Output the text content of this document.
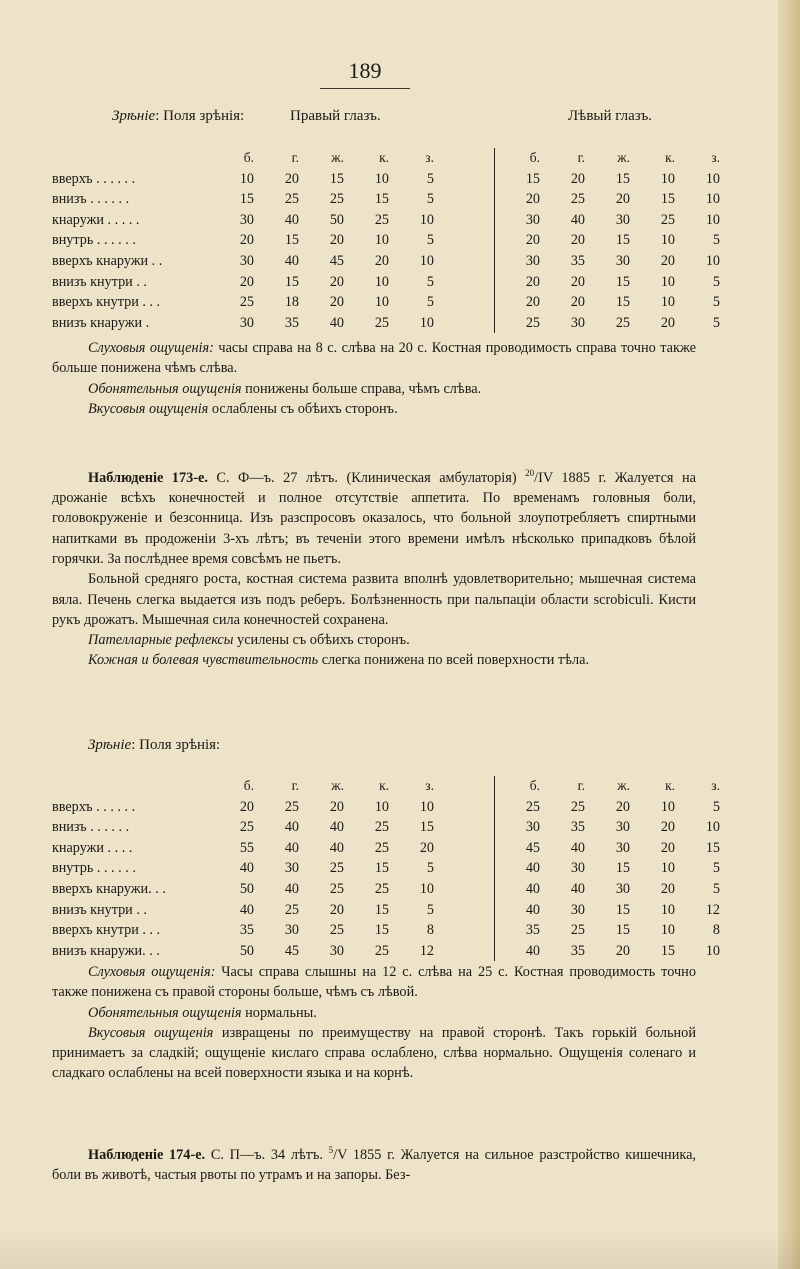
189
Зрѣніе: Поля зрѣнія:	Правый глазъ.	Лѣвый глазъ.
	б.	г.	ж.	к.	з.			б.	г.	ж.	к.	з.
вверхъ . . . . . .	10	20	15	10	5			15	20	15	10	10
внизъ . . . . . .	15	25	25	15	5			20	25	20	15	10
кнаружи . . . . .	30	40	50	25	10			30	40	30	25	10
внутрь . . . . . .	20	15	20	10	5			20	20	15	10	5
вверхъ кнаружи . .	30	40	45	20	10			30	35	30	20	10
внизъ кнутри . .	20	15	20	10	5			20	20	15	10	5
вверхъ кнутри . . .	25	18	20	10	5			20	20	15	10	5
внизъ кнаружи .	30	35	40	25	10			25	30	25	20	5

Слуховыя ощущенія: часы справа на 8 с. слѣва на 20 с. Костная проводимость справа точно также больше понижена чѣмъ слѣва.

Обонятельныя ощущенія понижены больше справа, чѣмъ слѣва.

Вкусовыя ощущенія ослаблены съ обѣихъ сторонъ.

Наблюденіе 173-е. С. Ф—ъ. 27 лѣтъ. (Клиническая амбулаторія) $^{20}$/IV 1885 г. Жалуется на дрожаніе всѣхъ конечностей и полное отсутствіе аппетита. По временамъ головныя боли, головокруженіе и безсонница. Изъ разспросовъ оказалось, что больной злоупотребляетъ спиртными напитками въ продоженіи 3-хъ лѣтъ; въ теченіи этого времени имѣлъ нѣсколько припадковъ бѣлой горячки. За послѣднее время совсѣмъ не пьетъ.

Больной средняго роста, костная система развита вполнѣ удовлетворительно; мышечная система вяла. Печень слегка выдается изъ подъ реберъ. Болѣзненность при пальпаціи области scrobiculi. Кисти рукъ дрожатъ. Мышечная сила конечностей сохранена.

Пателларные рефлексы усилены съ обѣихъ сторонъ.

Кожная и болевая чувствительность слегка понижена по всей поверхности тѣла.

Зрѣніе: Поля зрѣнія:
	б.	г.	ж.	к.	з.			б.	г.	ж.	к.	з.
вверхъ . . . . . .	20	25	20	10	10			25	25	20	10	5
внизъ . . . . . .	25	40	40	25	15			30	35	30	20	10
кнаружи . . . .	55	40	40	25	20			45	40	30	20	15
внутрь . . . . . .	40	30	25	15	5			40	30	15	10	5
вверхъ кнаружи. . .	50	40	25	25	10			40	40	30	20	5
внизъ кнутри . .	40	25	20	15	5			40	30	15	10	12
вверхъ кнутри . . .	35	30	25	15	8			35	25	15	10	8
внизъ кнаружи. . .	50	45	30	25	12			40	35	20	15	10

Слуховыя ощущенія: Часы справа слышны на 12 с. слѣва на 25 с. Костная проводимость точно также понижена съ правой стороны больше, чѣмъ съ лѣвой.

Обонятельныя ощущенія нормальны.

Вкусовыя ощущенія извращены по преимуществу на правой сторонѣ. Такъ горькій больной принимаетъ за сладкій; ощущеніе кислаго справа ослаблено, слѣва нормально. Ощущенія соленаго и сладкаго ослаблены на всей поверхности языка и на корнѣ.

Наблюденіе 174-е. С. П—ъ. 34 лѣтъ. $^5$/V 1855 г. Жалуется на сильное разстройство кишечника, боли въ животѣ, частыя рвоты по утрамъ и на запоры. Без-
